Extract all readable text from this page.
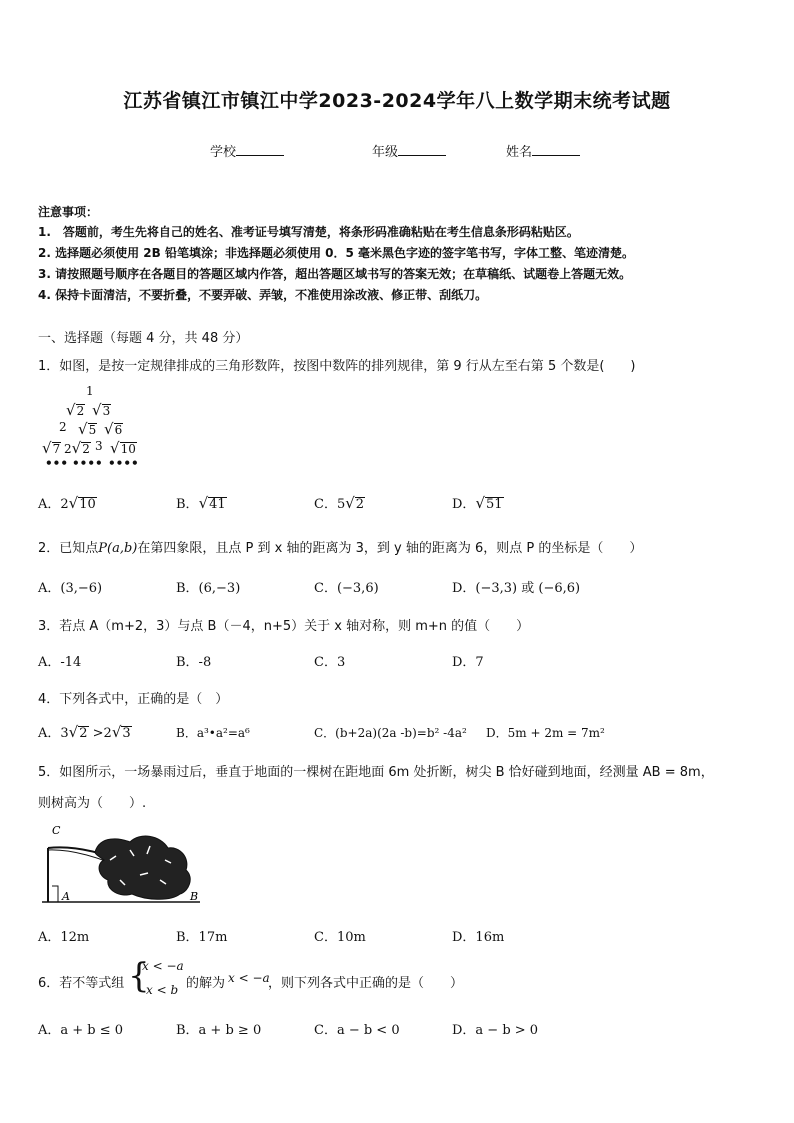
江苏省镇江市镇江中学2023-2024学年八上数学期末统考试题
学校	年级	姓名
注意事项：
1.　答题前，考生先将自己的姓名、准考证号填写清楚，将条形码准确粘贴在考生信息条形码粘贴区。
2. 选择题必须使用 2B 铅笔填涂；非选择题必须使用 0．5 毫米黑色字迹的签字笔书写，字体工整、笔迹清楚。
3. 请按照题号顺序在各题目的答题区域内作答，超出答题区域书写的答案无效；在草稿纸、试题卷上答题无效。
4. 保持卡面清洁，不要折叠，不要弄破、弄皱，不准使用涂改液、修正带、刮纸刀。
一、选择题（每题 4 分，共 48 分）
1．如图，是按一定规律排成的三角形数阵，按图中数阵的排列规律，第 9 行从左至右第 5 个数是(　　)
1
√2 √3
2 √5 √6
√7 2√2 3 √10
••• •••• ••••
A．2√10	B．√41	C．5√2	D．√51
2．已知点P(a,b)在第四象限，且点 P 到 x 轴的距离为 3，到 y 轴的距离为 6，则点 P 的坐标是（　　）
A．(3,−6)	B．(6,−3)	C．(−3,6)	D．(−3,3) 或 (−6,6)
3．若点 A（m+2，3）与点 B（－4，n+5）关于 x 轴对称，则 m+n 的值（　　）
A．-14	B．-8	C．3	D．7
4．下列各式中，正确的是（　）
A．3√2 >2√3	B．a³•a²=a⁶	C．(b+2a)(2a -b)=b² -4a² D．5m + 2m = 7m²
5．如图所示，一场暴雨过后，垂直于地面的一棵树在距地面 6m 处折断，树尖 B 恰好碰到地面，经测量 AB = 8m，
则树高为（　　）.
C
A	B
A．12m	B．17m	C．10m	D．16m
6．若不等式组 {
x < −a
x < b 的解为 x < −a
，则下列各式中正确的是（　　）
A．a + b ≤ 0	B．a + b ≥ 0	C．a − b < 0	D．a − b > 0
